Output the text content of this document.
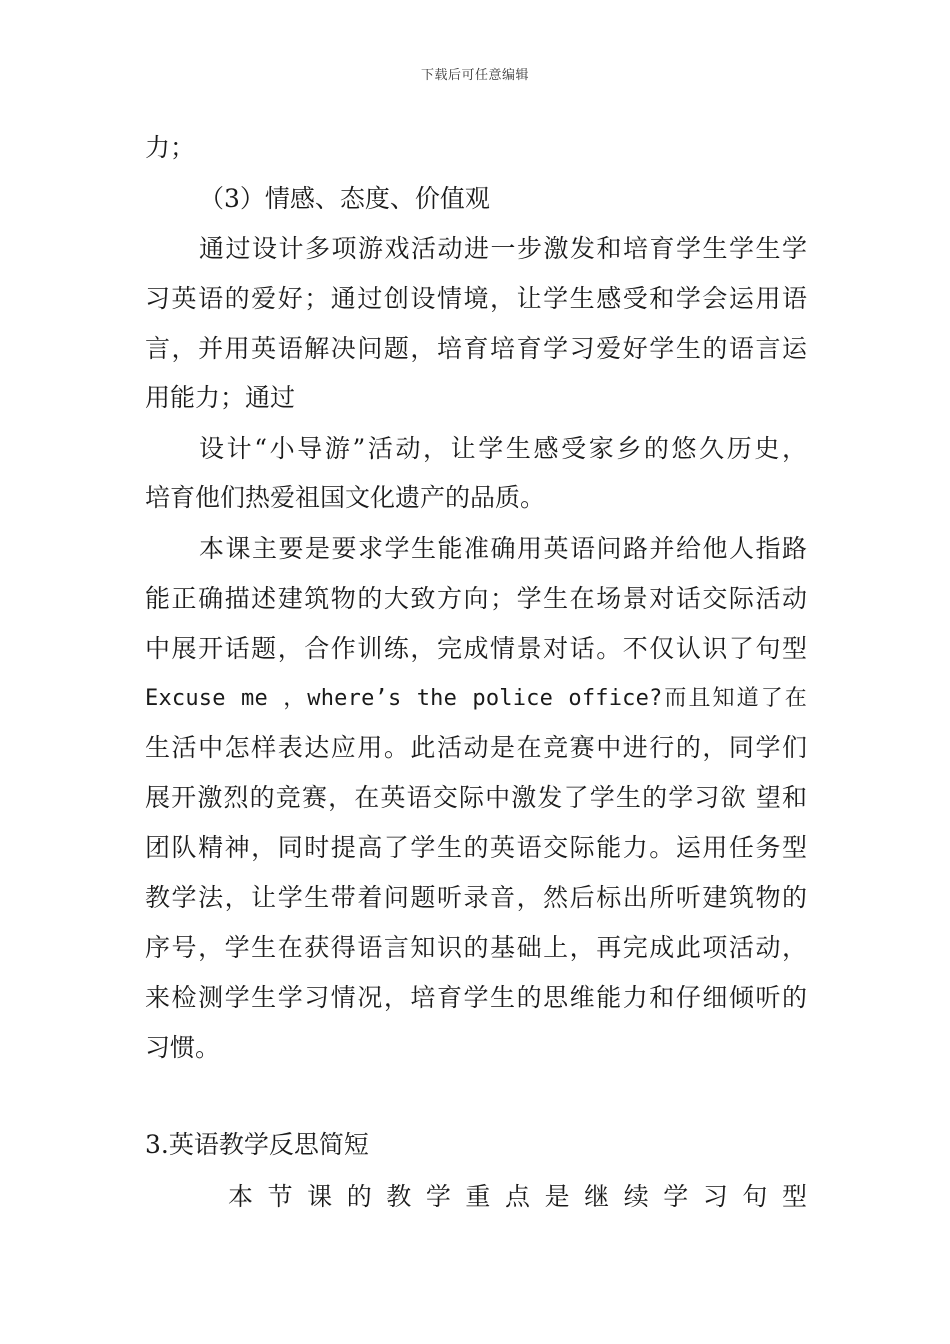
下载后可任意编辑
力；
（3）情感、态度、价值观
通过设计多项游戏活动进一步激发和培育学生学生学
习英语的爱好；通过创设情境，让学生感受和学会运用语
言，并用英语解决问题，培育培育学习爱好学生的语言运
用能力；通过
设计“小导游”活动，让学生感受家乡的悠久历史，
培育他们热爱祖国文化遗产的品质。
本课主要是要求学生能准确用英语问路并给他人指路
能正确描述建筑物的大致方向；学生在场景对话交际活动
中展开话题，合作训练，完成情景对话。不仅认识了句型
Excuse me ，where’s the police office?而且知道了在
生活中怎样表达应用。此活动是在竞赛中进行的，同学们
展开激烈的竞赛，在英语交际中激发了学生的学习欲 望和
团队精神，同时提高了学生的英语交际能力。运用任务型
教学法，让学生带着问题听录音，然后标出所听建筑物的
序号，学生在获得语言知识的基础上，再完成此项活动，
来检测学生学习情况，培育学生的思维能力和仔细倾听的
习惯。
3.英语教学反思简短
本节课的教学重点是继续学习句型
